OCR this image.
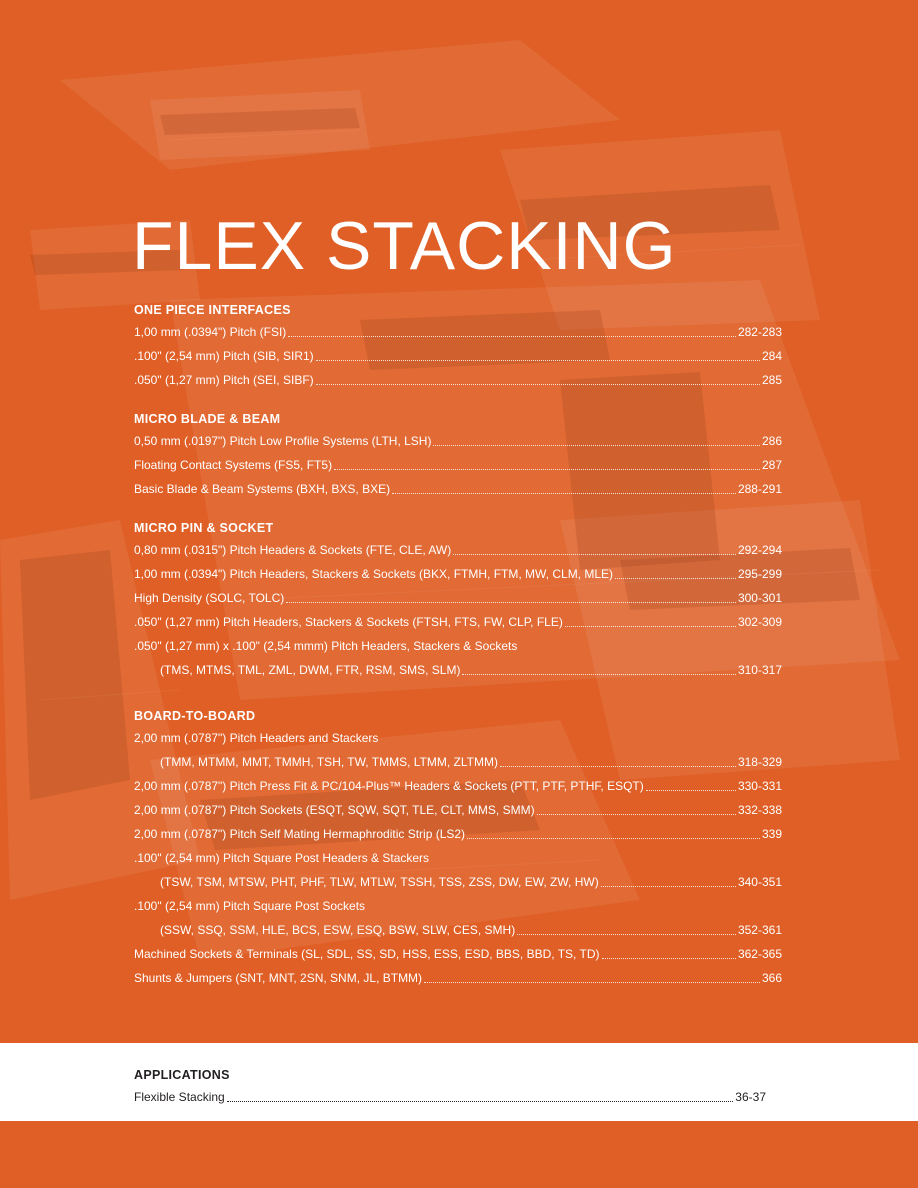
FLEX STACKING
ONE PIECE INTERFACES
1,00 mm (.0394") Pitch (FSI)	282-283
.100" (2,54 mm) Pitch (SIB, SIR1)	284
.050" (1,27 mm) Pitch (SEI, SIBF)	285
MICRO BLADE & BEAM
0,50 mm (.0197") Pitch Low Profile Systems (LTH, LSH)	286
Floating Contact Systems (FS5, FT5)	287
Basic Blade & Beam Systems (BXH, BXS, BXE)	288-291
MICRO PIN & SOCKET
0,80 mm (.0315") Pitch Headers & Sockets (FTE, CLE, AW)	292-294
1,00 mm (.0394") Pitch Headers, Stackers & Sockets (BKX, FTMH, FTM, MW, CLM, MLE)	295-299
High Density (SOLC, TOLC)	300-301
.050" (1,27 mm) Pitch Headers, Stackers & Sockets (FTSH, FTS, FW, CLP, FLE)	302-309
.050" (1,27 mm) x .100" (2,54 mmm) Pitch Headers, Stackers & Sockets
(TMS, MTMS, TML, ZML, DWM, FTR, RSM, SMS, SLM)	310-317
BOARD-TO-BOARD
2,00 mm (.0787") Pitch Headers and Stackers
(TMM, MTMM, MMT, TMMH, TSH, TW, TMMS, LTMM, ZLTMM)	318-329
2,00 mm (.0787") Pitch Press Fit & PC/104-Plus™ Headers & Sockets (PTT, PTF, PTHF, ESQT)	330-331
2,00 mm (.0787") Pitch Sockets (ESQT, SQW, SQT, TLE, CLT, MMS, SMM)	332-338
2,00 mm (.0787") Pitch Self Mating Hermaphroditic Strip (LS2)	339
.100" (2,54 mm) Pitch Square Post Headers & Stackers
(TSW, TSM, MTSW, PHT, PHF, TLW, MTLW, TSSH, TSS, ZSS, DW, EW, ZW, HW)	340-351
.100" (2,54 mm) Pitch Square Post Sockets
(SSW, SSQ, SSM, HLE, BCS, ESW, ESQ, BSW, SLW, CES, SMH)	352-361
Machined Sockets & Terminals (SL, SDL, SS, SD, HSS, ESS, ESD, BBS, BBD, TS, TD)	362-365
Shunts & Jumpers (SNT, MNT, 2SN, SNM, JL, BTMM)	366
APPLICATIONS
Flexible Stacking	36-37
